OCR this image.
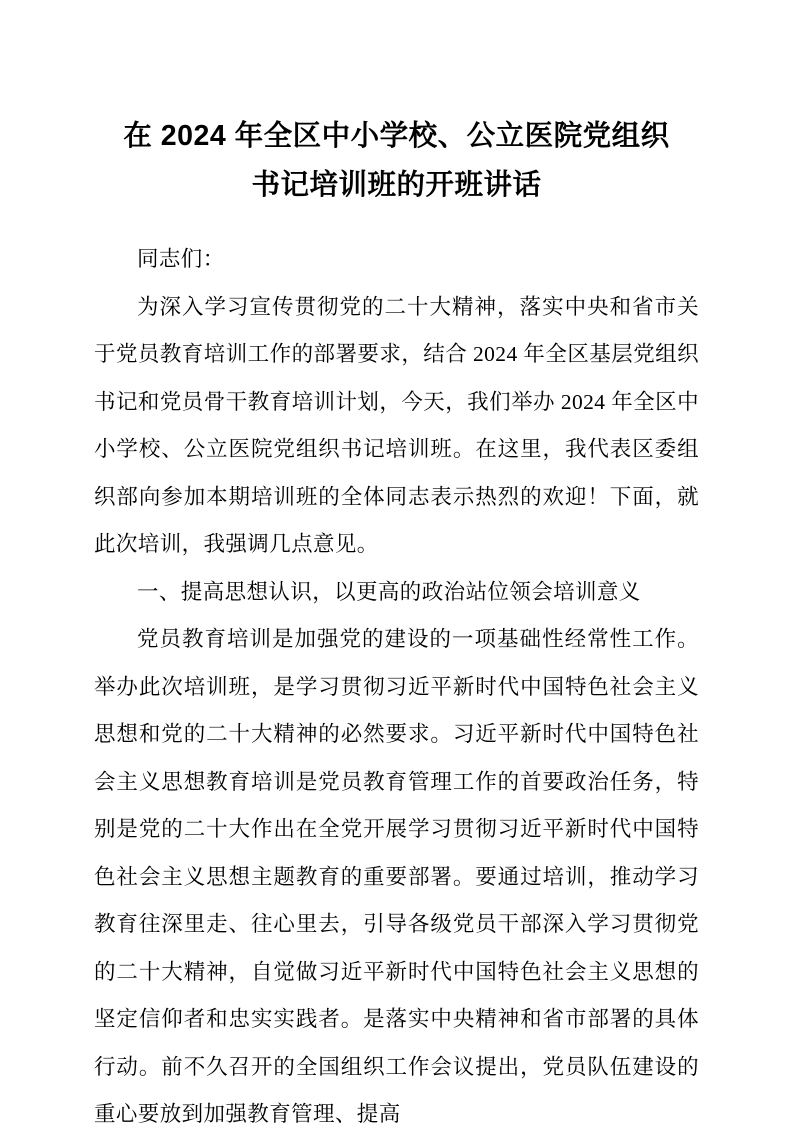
在 2024 年全区中小学校、公立医院党组织
书记培训班的开班讲话

同志们：

为深入学习宣传贯彻党的二十大精神，落实中央和省市关于党员教育培训工作的部署要求，结合 2024 年全区基层党组织书记和党员骨干教育培训计划，今天，我们举办 2024 年全区中小学校、公立医院党组织书记培训班。在这里，我代表区委组织部向参加本期培训班的全体同志表示热烈的欢迎！下面，就此次培训，我强调几点意见。

一、提高思想认识，以更高的政治站位领会培训意义

党员教育培训是加强党的建设的一项基础性经常性工作。举办此次培训班，是学习贯彻习近平新时代中国特色社会主义思想和党的二十大精神的必然要求。习近平新时代中国特色社会主义思想教育培训是党员教育管理工作的首要政治任务，特别是党的二十大作出在全党开展学习贯彻习近平新时代中国特色社会主义思想主题教育的重要部署。要通过培训，推动学习教育往深里走、往心里去，引导各级党员干部深入学习贯彻党的二十大精神，自觉做习近平新时代中国特色社会主义思想的坚定信仰者和忠实实践者。是落实中央精神和省市部署的具体行动。前不久召开的全国组织工作会议提出，党员队伍建设的重心要放到加强教育管理、提高
